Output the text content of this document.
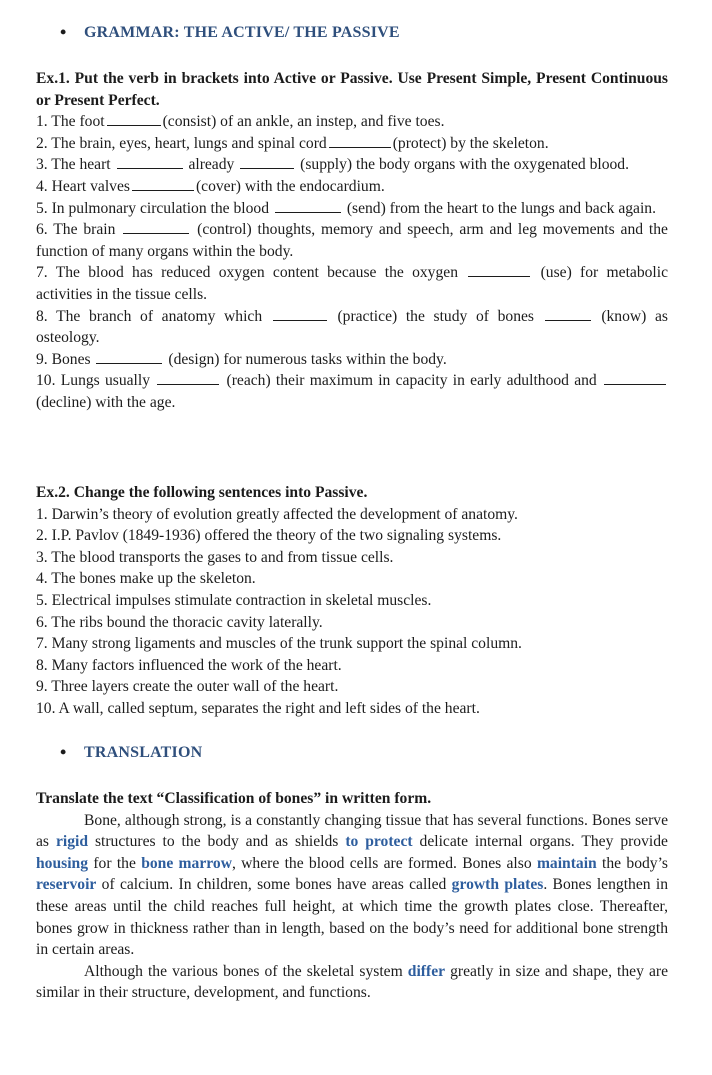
• GRAMMAR: THE ACTIVE/ THE PASSIVE
Ex.1. Put the verb in brackets into Active or Passive. Use Present Simple, Present Continuous or Present Perfect.
1. The foot	(consist) of an ankle, an instep, and five toes.
2. The brain, eyes, heart, lungs and spinal cord	(protect) by the skeleton.
3. The heart	already	(supply) the body organs with the oxygenated blood.
4. Heart valves	(cover) with the endocardium.
5. In pulmonary circulation the blood	(send) from the heart to the lungs and back again.
6. The brain	(control) thoughts, memory and speech, arm and leg movements and the function of many organs within the body.
7. The blood has reduced oxygen content because the oxygen	(use) for metabolic activities in the tissue cells.
8. The branch of anatomy which	(practice) the study of bones	(know) as osteology.
9. Bones	(design) for numerous tasks within the body.
10. Lungs usually	(reach) their maximum in capacity in early adulthood and  (decline) with the age.
Ex.2. Change the following sentences into Passive.
1. Darwin’s theory of evolution greatly affected the development of anatomy.
2. I.P. Pavlov (1849-1936) offered the theory of the two signaling systems.
3. The blood transports the gases to and from tissue cells.
4. The bones make up the skeleton.
5. Electrical impulses stimulate contraction in skeletal muscles.
6. The ribs bound the thoracic cavity laterally.
7. Many strong ligaments and muscles of the trunk support the spinal column.
8. Many factors influenced the work of the heart.
9. Three layers create the outer wall of the heart.
10. A wall, called septum, separates the right and left sides of the heart.
• TRANSLATION
Translate the text “Classification of bones” in written form.
Bone, although strong, is a constantly changing tissue that has several functions. Bones serve as rigid structures to the body and as shields to protect delicate internal organs. They provide housing for the bone marrow, where the blood cells are formed. Bones also maintain the body’s reservoir of calcium. In children, some bones have areas called growth plates. Bones lengthen in these areas until the child reaches full height, at which time the growth plates close. Thereafter, bones grow in thickness rather than in length, based on the body’s need for additional bone strength in certain areas.
Although the various bones of the skeletal system differ greatly in size and shape, they are similar in their structure, development, and functions.
